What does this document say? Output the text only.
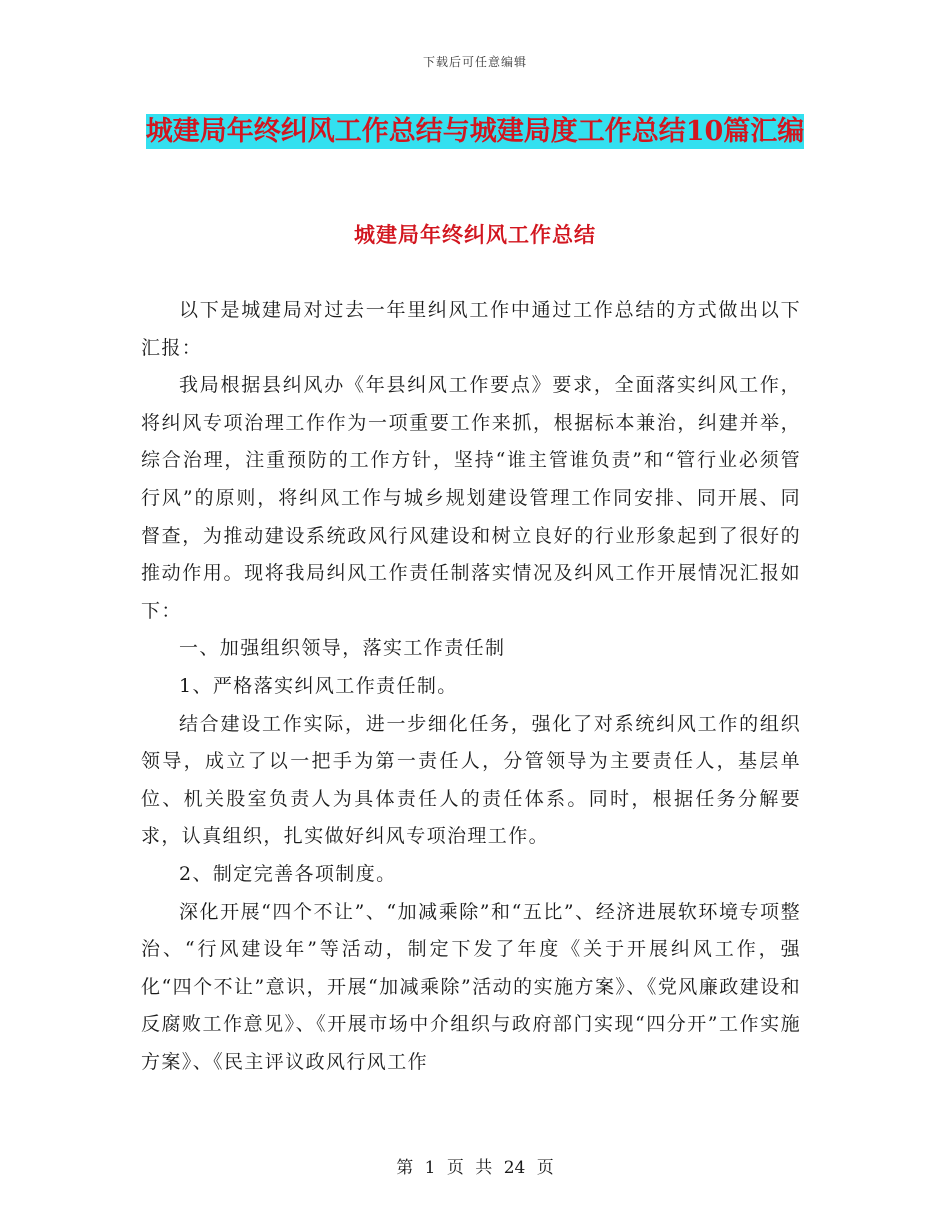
下载后可任意编辑
城建局年终纠风工作总结与城建局度工作总结10篇汇编
城建局年终纠风工作总结

以下是城建局对过去一年里纠风工作中通过工作总结的方式做出以下汇报：

我局根据县纠风办《年县纠风工作要点》要求，全面落实纠风工作，将纠风专项治理工作作为一项重要工作来抓，根据标本兼治，纠建并举，综合治理，注重预防的工作方针，坚持“谁主管谁负责”和“管行业必须管行风”的原则，将纠风工作与城乡规划建设管理工作同安排、同开展、同督查，为推动建设系统政风行风建设和树立良好的行业形象起到了很好的推动作用。现将我局纠风工作责任制落实情况及纠风工作开展情况汇报如下：

一、加强组织领导，落实工作责任制

1、严格落实纠风工作责任制。

结合建设工作实际，进一步细化任务，强化了对系统纠风工作的组织领导，成立了以一把手为第一责任人，分管领导为主要责任人，基层单位、机关股室负责人为具体责任人的责任体系。同时，根据任务分解要求，认真组织，扎实做好纠风专项治理工作。

2、制定完善各项制度。

深化开展“四个不让”、“加减乘除”和“五比”、经济进展软环境专项整治、“行风建设年”等活动，制定下发了年度《关于开展纠风工作，强化“四个不让”意识，开展“加减乘除”活动的实施方案》、《党风廉政建设和反腐败工作意见》、《开展市场中介组织与政府部门实现“四分开”工作实施方案》、《民主评议政风行风工作

第 1 页 共 24 页
